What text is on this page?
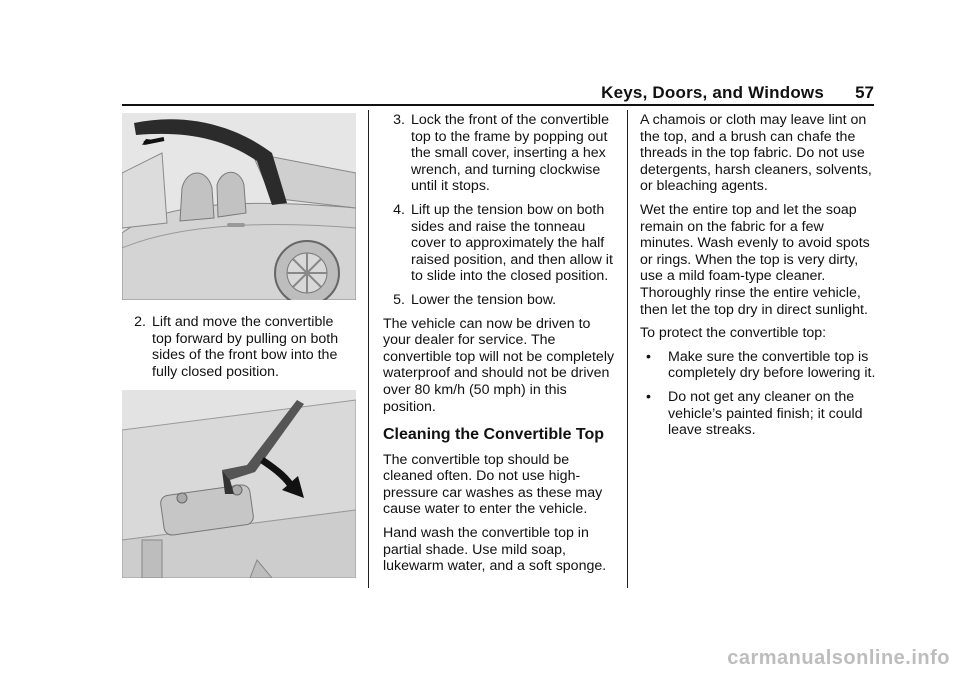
Keys, Doors, and Windows 57
2. Lift and move the convertible top forward by pulling on both sides of the front bow into the fully closed position.
3. Lock the front of the convertible top to the frame by popping out the small cover, inserting a hex wrench, and turning clockwise until it stops.
4. Lift up the tension bow on both sides and raise the tonneau cover to approximately the half raised position, and then allow it to slide into the closed position.
5. Lower the tension bow.

The vehicle can now be driven to your dealer for service. The convertible top will not be completely waterproof and should not be driven over 80 km/h (50 mph) in this position.

Cleaning the Convertible Top

The convertible top should be cleaned often. Do not use high-pressure car washes as these may cause water to enter the vehicle.

Hand wash the convertible top in partial shade. Use mild soap, lukewarm water, and a soft sponge.

A chamois or cloth may leave lint on the top, and a brush can chafe the threads in the top fabric. Do not use detergents, harsh cleaners, solvents, or bleaching agents.

Wet the entire top and let the soap remain on the fabric for a few minutes. Wash evenly to avoid spots or rings. When the top is very dirty, use a mild foam-type cleaner. Thoroughly rinse the entire vehicle, then let the top dry in direct sunlight.

To protect the convertible top:

•	Make sure the convertible top is completely dry before lowering it.
•	Do not get any cleaner on the vehicle’s painted finish; it could leave streaks.
carmanualsonline.info
